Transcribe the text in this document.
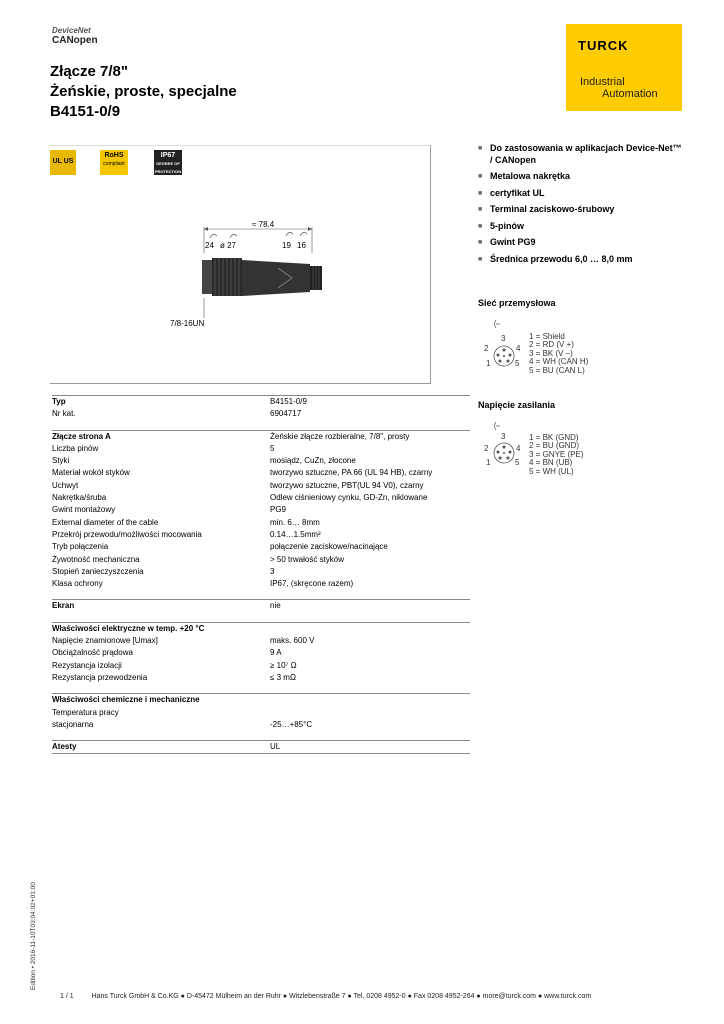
DeviceNet
CANopen
Złącze 7/8"
Żeńskie, proste, specjalne
B4151-0/9
TURCK
Industrial
Automation
UL US
RoHS
compliant
IP67
DEGREE OF PROTECTION
≈ 78.4
24 ø 27	19 16
7/8-16UN
Typ	B4151-0/9
Nr kat.	6904717
Złącze strona A	Żeńskie złącze rozbieralne, 7/8", prosty
Liczba pinów	5
Styki	mosiądz, CuZn, złocone
Materiał wokół styków	tworzywo sztuczne, PA 66 (UL 94 HB), czarny
Uchwyt	tworzywo sztuczne, PBT(UL 94 V0), czarny
Nakrętka/śruba	Odlew ciśnieniowy cynku, GD-Zn, niklowane
Gwint montażowy	PG9
External diameter of the cable	min. 6… 8mm
Przekrój przewodu/możliwości mocowania	0.14…1.5mm²
Tryb połączenia	połączenie zaciskowe/nacinające
Żywotność mechaniczna	> 50 trwałość styków
Stopień zanieczyszczenia	3
Klasa ochrony	IP67, (skręcone razem)
Ekran	nie
Właściwości elektryczne w temp. +20 °C
Napięcie znamionowe [Umax]	maks. 600 V
Obciążalność prądowa	9 A
Rezystancja izolacji	≥ 10⁷ Ω
Rezystancja przewodzenia	≤ 3 mΩ
Właściwości chemiczne i mechaniczne
Temperatura pracy
stacjonarna	-25…+85°C
Atesty	UL
■ Do zastosowania w aplikacjach Device-Net™ / CANopen
■ Metalowa nakrętka
■ certyfikat UL
■ Terminal zaciskowo-śrubowy
■ 5-pinów
■ Gwint PG9
■ Średnica przewodu 6,0 … 8,0 mm
Sieć przemysłowa
3
2	4
1	5
1 = Shield
2 = RD (V +)
3 = BK (V –)
4 = WH (CAN H)
5 = BU (CAN L)
Napięcie zasilania
3
2	4
1	5
1 = BK (GND)
2 = BU (GND)
3 = GNYE (PE)
4 = BN (UB)
5 = WH (UL)
Edition • 2016-11-10T03:04:02+01:00
1 / 1	Hans Turck GmbH & Co.KG ● D-45472 Mülheim an der Ruhr ● Witzlebenstraße 7 ● Tel. 0208 4952-0 ● Fax 0208 4952-264 ● more@turck.com ● www.turck.com
